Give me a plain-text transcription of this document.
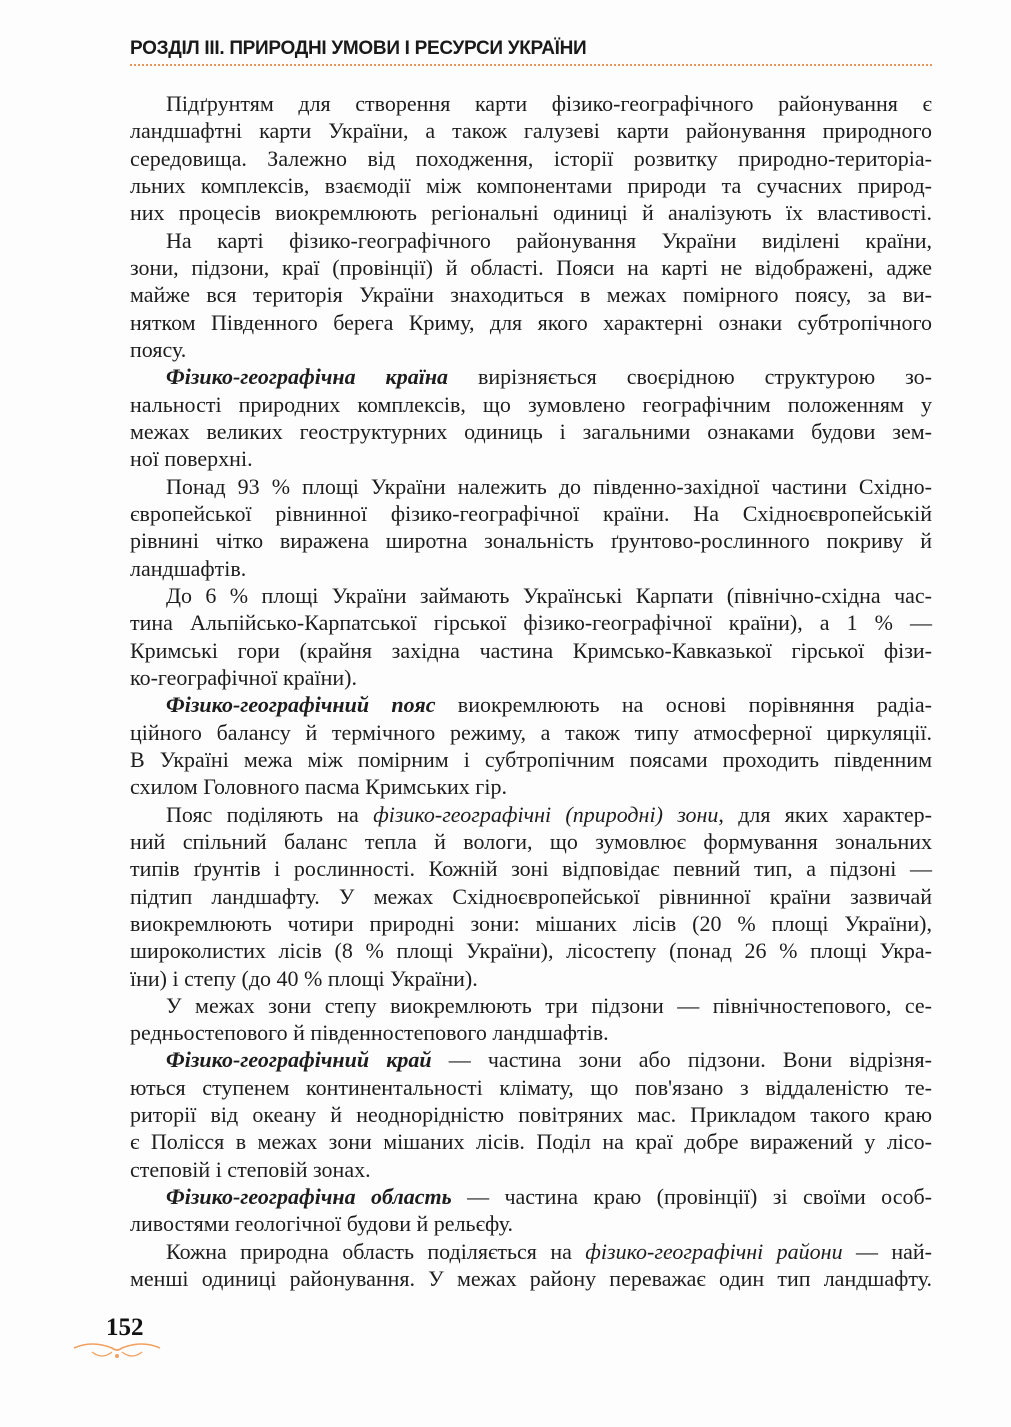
РОЗДІЛ ІІІ. ПРИРОДНІ УМОВИ І РЕСУРСИ УКРАЇНИ
Підґрунтям для створення карти фізико-географічного районування є
ландшафтні карти України, а також галузеві карти районування природного
середовища. Залежно від походження, історії розвитку природно-територіа-
льних комплексів, взаємодії між компонентами природи та сучасних природ-
них процесів виокремлюють регіональні одиниці й аналізують їх властивості.
На карті фізико-географічного районування України виділені країни,
зони, підзони, краї (провінції) й області. Пояси на карті не відображені, адже
майже вся територія України знаходиться в межах помірного поясу, за ви-
нятком Південного берега Криму, для якого характерні ознаки субтропічного
поясу.
Фізико-географічна країна вирізняється своєрідною структурою зо-
нальності природних комплексів, що зумовлено географічним положенням у
межах великих геоструктурних одиниць і загальними ознаками будови зем-
ної поверхні.
Понад 93 % площі України належить до південно-західної частини Східно-
європейської рівнинної фізико-географічної країни. На Східноєвропейській
рівнині чітко виражена широтна зональність ґрунтово-рослинного покриву й
ландшафтів.
До 6 % площі України займають Українські Карпати (північно-східна час-
тина Альпійсько-Карпатської гірської фізико-географічної країни), а 1 % —
Кримські гори (крайня західна частина Кримсько-Кавказької гірської фізи-
ко-географічної країни).
Фізико-географічний пояс виокремлюють на основі порівняння радіа-
ційного балансу й термічного режиму, а також типу атмосферної циркуляції.
В Україні межа між помірним і субтропічним поясами проходить південним
схилом Головного пасма Кримських гір.
Пояс поділяють на фізико-географічні (природні) зони, для яких характер-
ний спільний баланс тепла й вологи, що зумовлює формування зональних
типів ґрунтів і рослинності. Кожній зоні відповідає певний тип, а підзоні —
підтип ландшафту. У межах Східноєвропейської рівнинної країни зазвичай
виокремлюють чотири природні зони: мішаних лісів (20 % площі України),
широколистих лісів (8 % площі України), лісостепу (понад 26 % площі Укра-
їни) і степу (до 40 % площі України).
У межах зони степу виокремлюють три підзони — північностепового, се-
редньостепового й південностепового ландшафтів.
Фізико-географічний край — частина зони або підзони. Вони відрізня-
ються ступенем континентальності клімату, що пов'язано з віддаленістю те-
риторії від океану й неоднорідністю повітряних мас. Прикладом такого краю
є Полісся в межах зони мішаних лісів. Поділ на краї добре виражений у лісо-
степовій і степовій зонах.
Фізико-географічна область — частина краю (провінції) зі своїми особ-
ливостями геологічної будови й рельєфу.
Кожна природна область поділяється на фізико-географічні райони — най-
менші одиниці районування. У межах району переважає один тип ландшафту.
152
